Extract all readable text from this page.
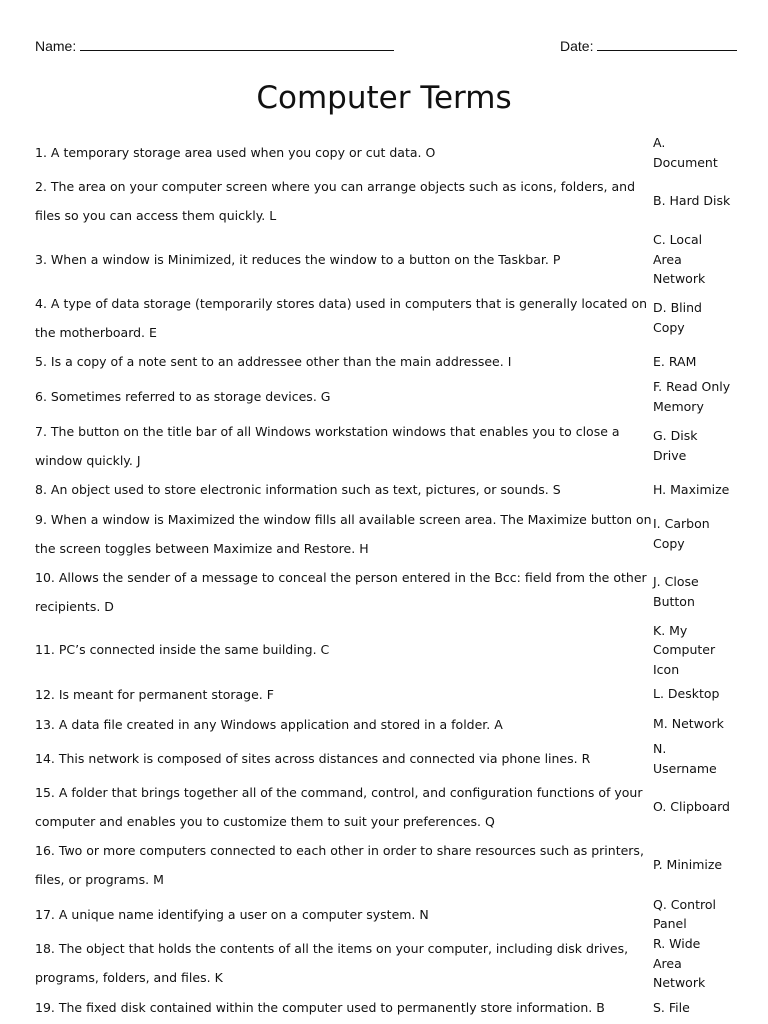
Name:	Date:
Computer Terms
1. A temporary storage area used when you copy or cut data. O	A. Document
2. The area on your computer screen where you can arrange objects such as icons, folders, and files so you can access them quickly. L	B. Hard Disk
3. When a window is Minimized, it reduces the window to a button on the Taskbar. P	C. Local Area Network
4. A type of data storage (temporarily stores data) used in computers that is generally located on the motherboard. E	D. Blind Copy
5. Is a copy of a note sent to an addressee other than the main addressee. I	E. RAM
6. Sometimes referred to as storage devices. G	F. Read Only Memory
7. The button on the title bar of all Windows workstation windows that enables you to close a window quickly. J	G. Disk Drive
8. An object used to store electronic information such as text, pictures, or sounds. S	H. Maximize
9. When a window is Maximized the window fills all available screen area. The Maximize button on the screen toggles between Maximize and Restore. H	I. Carbon Copy
10. Allows the sender of a message to conceal the person entered in the Bcc: field from the other recipients. D	J. Close Button
11. PC’s connected inside the same building. C	K. My Computer Icon
12. Is meant for permanent storage. F	L. Desktop
13. A data file created in any Windows application and stored in a folder. A	M. Network
14. This network is composed of sites across distances and connected via phone lines. R	N. Username
15. A folder that brings together all of the command, control, and configuration functions of your computer and enables you to customize them to suit your preferences. Q	O. Clipboard
16. Two or more computers connected to each other in order to share resources such as printers, files, or programs. M	P. Minimize
17. A unique name identifying a user on a computer system. N	Q. Control Panel
18. The object that holds the contents of all the items on your computer, including disk drives, programs, folders, and files. K	R. Wide Area Network
19. The fixed disk contained within the computer used to permanently store information. B	S. File
